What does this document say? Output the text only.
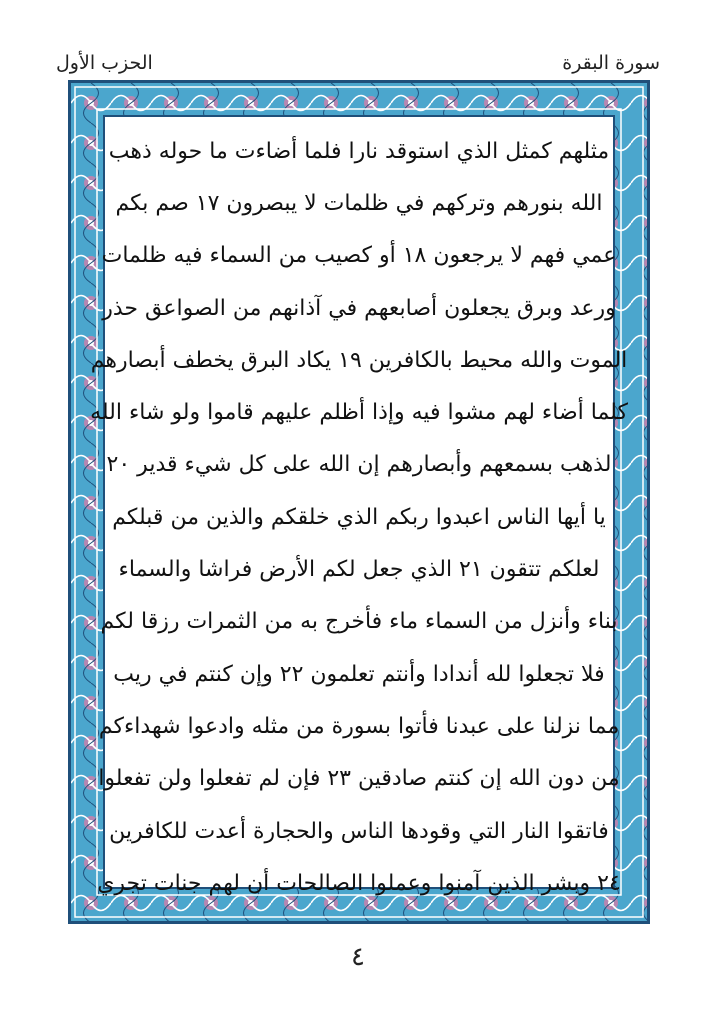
الحزب الأول	سورة البقرة
مثلهم كمثل الذي استوقد نارا فلما أضاءت ما حوله ذهب
الله بنورهم وتركهم في ظلمات لا يبصرون ١٧ صم بكم
عمي فهم لا يرجعون ١٨ أو كصيب من السماء فيه ظلمات
ورعد وبرق يجعلون أصابعهم في آذانهم من الصواعق حذر
الموت والله محيط بالكافرين ١٩ يكاد البرق يخطف أبصارهم
كلما أضاء لهم مشوا فيه وإذا أظلم عليهم قاموا ولو شاء الله
لذهب بسمعهم وأبصارهم إن الله على كل شيء قدير ٢٠
يا أيها الناس اعبدوا ربكم الذي خلقكم والذين من قبلكم
لعلكم تتقون ٢١ الذي جعل لكم الأرض فراشا والسماء
بناء وأنزل من السماء ماء فأخرج به من الثمرات رزقا لكم
فلا تجعلوا لله أندادا وأنتم تعلمون ٢٢ وإن كنتم في ريب
مما نزلنا على عبدنا فأتوا بسورة من مثله وادعوا شهداءكم
من دون الله إن كنتم صادقين ٢٣ فإن لم تفعلوا ولن تفعلوا
فاتقوا النار التي وقودها الناس والحجارة أعدت للكافرين
٢٤ وبشر الذين آمنوا وعملوا الصالحات أن لهم جنات تجري
٤
